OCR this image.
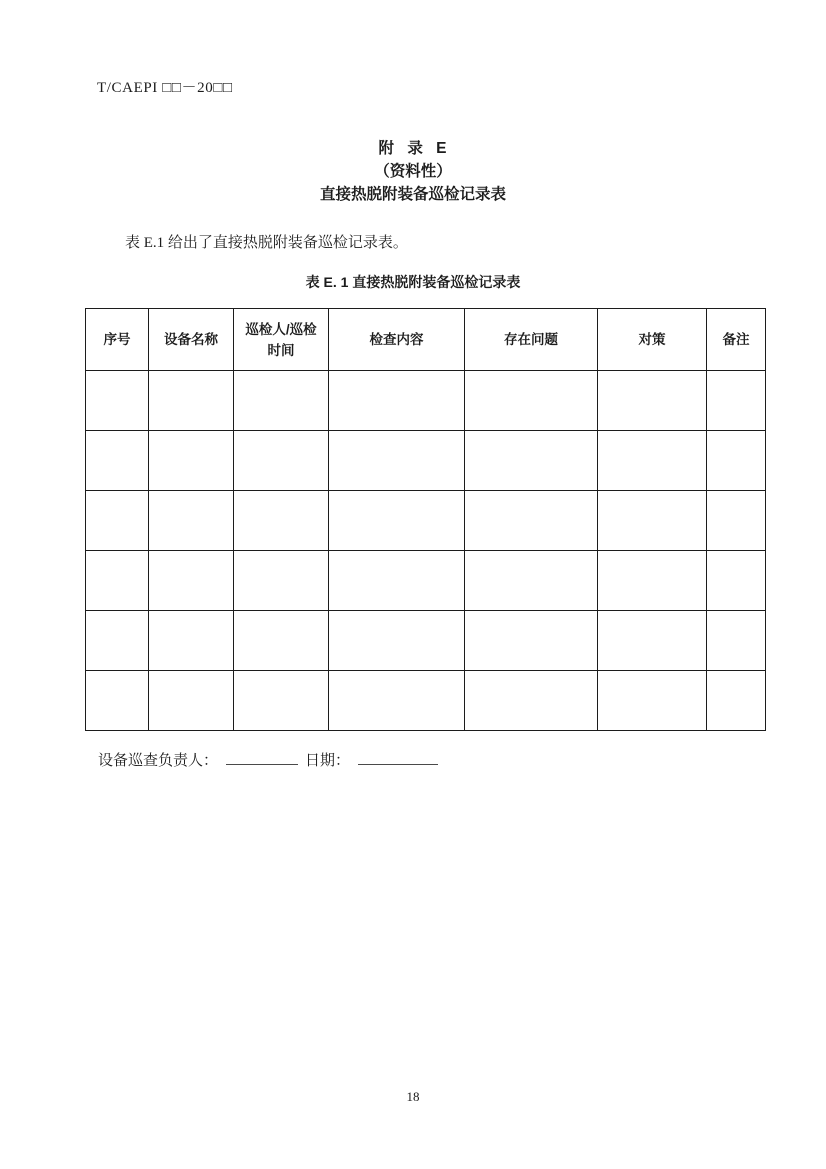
T/CAEPI □□－20□□
附 录 E
（资料性）
直接热脱附装备巡检记录表
表 E.1 给出了直接热脱附装备巡检记录表。
表 E. 1 直接热脱附装备巡检记录表
序号	设备名称	巡检人/巡检时间	检查内容	存在问题	对策	备注

设备巡查负责人：	日期：
18
